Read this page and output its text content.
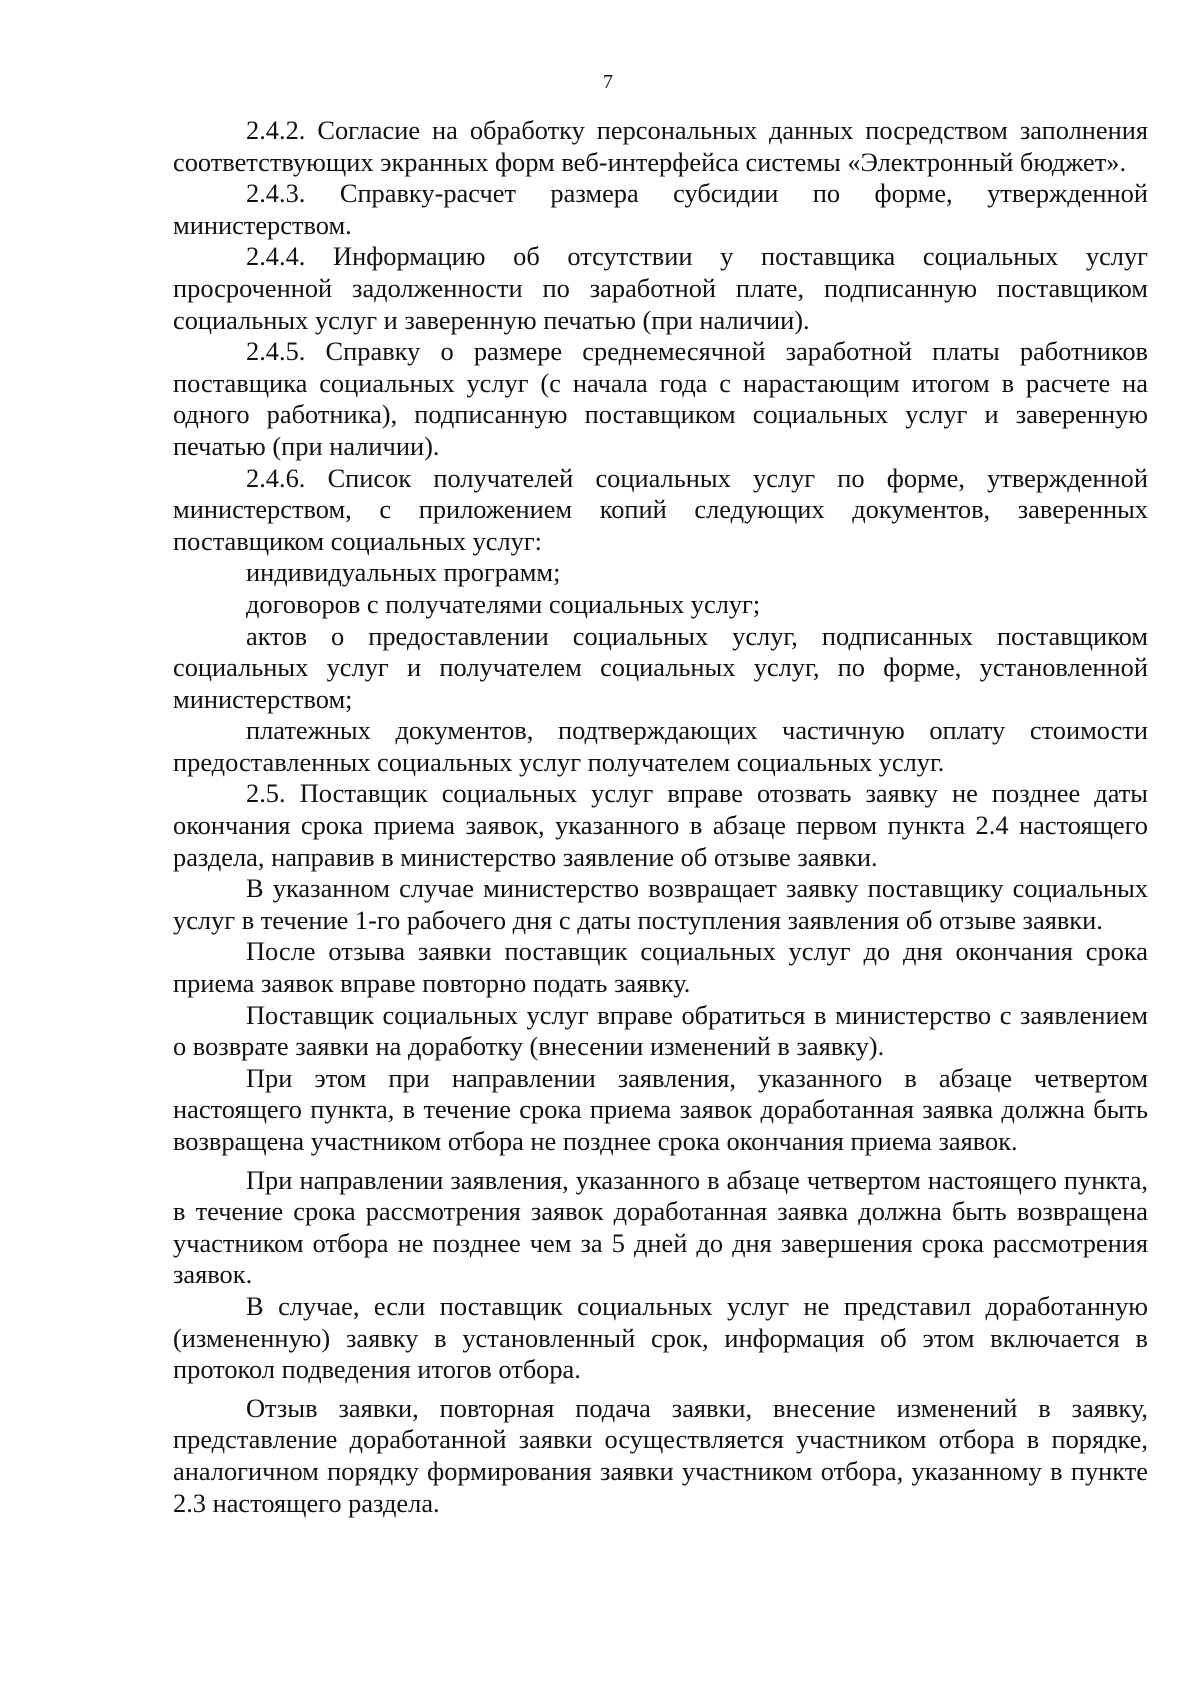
7

2.4.2. Согласие на обработку персональных данных посредством заполнения соответствующих экранных форм веб-интерфейса системы «Электронный бюджет».

2.4.3. Справку-расчет размера субсидии по форме, утвержденной министерством.

2.4.4. Информацию об отсутствии у поставщика социальных услуг просроченной задолженности по заработной плате, подписанную поставщиком социальных услуг и заверенную печатью (при наличии).

2.4.5. Справку о размере среднемесячной заработной платы работников поставщика социальных услуг (с начала года с нарастающим итогом в расчете на одного работника), подписанную поставщиком социальных услуг и заверенную печатью (при наличии).

2.4.6. Список получателей социальных услуг по форме, утвержденной министерством, с приложением копий следующих документов, заверенных поставщиком социальных услуг:

индивидуальных программ;

договоров с получателями социальных услуг;

актов о предоставлении социальных услуг, подписанных поставщиком социальных услуг и получателем социальных услуг, по форме, установленной министерством;

платежных документов, подтверждающих частичную оплату стоимости предоставленных социальных услуг получателем социальных услуг.

2.5. Поставщик социальных услуг вправе отозвать заявку не позднее даты окончания срока приема заявок, указанного в абзаце первом пункта 2.4 настоящего раздела, направив в министерство заявление об отзыве заявки.

В указанном случае министерство возвращает заявку поставщику социальных услуг в течение 1-го рабочего дня с даты поступления заявления об отзыве заявки.

После отзыва заявки поставщик социальных услуг до дня окончания срока приема заявок вправе повторно подать заявку.

Поставщик социальных услуг вправе обратиться в министерство с заявлением о возврате заявки на доработку (внесении изменений в заявку).

При этом при направлении заявления, указанного в абзаце четвертом настоящего пункта, в течение срока приема заявок доработанная заявка должна быть возвращена участником отбора не позднее срока окончания приема заявок.

При направлении заявления, указанного в абзаце четвертом настоящего пункта, в течение срока рассмотрения заявок доработанная заявка должна быть возвращена участником отбора не позднее чем за 5 дней до дня завершения срока рассмотрения заявок.

В случае, если поставщик социальных услуг не представил доработанную (измененную) заявку в установленный срок, информация об этом включается в протокол подведения итогов отбора.

Отзыв заявки, повторная подача заявки, внесение изменений в заявку, представление доработанной заявки осуществляется участником отбора в порядке, аналогичном порядку формирования заявки участником отбора, указанному в пункте 2.3 настоящего раздела.
